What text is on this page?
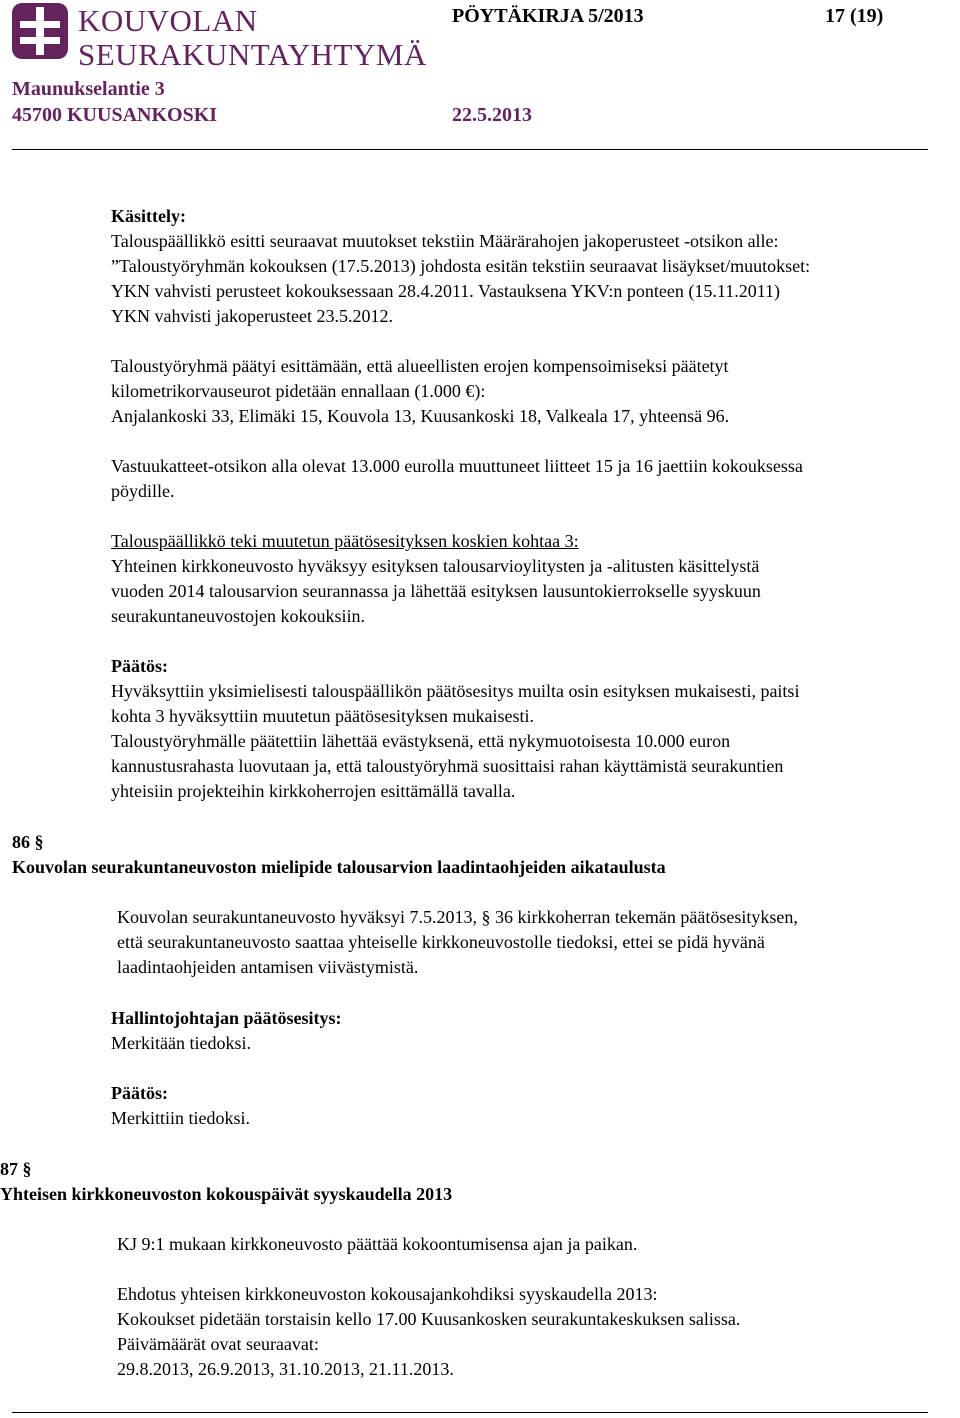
KOUVOLAN
SEURAKUNTAYHTYMÄ
PÖYTÄKIRJA 5/2013	17 (19)
Maunukselantie 3
45700 KUUSANKOSKI	22.5.2013
Käsittely:
Talouspäällikkö esitti seuraavat muutokset tekstiin Määrärahojen jakoperusteet -otsikon alle:
”Taloustyöryhmän kokouksen (17.5.2013) johdosta esitän tekstiin seuraavat lisäykset/muutokset:
YKN vahvisti perusteet kokouksessaan 28.4.2011. Vastauksena YKV:n ponteen (15.11.2011)
YKN vahvisti jakoperusteet 23.5.2012.
Taloustyöryhmä päätyi esittämään, että alueellisten erojen kompensoimiseksi päätetyt
kilometrikorvauseurot pidetään ennallaan (1.000 €):
Anjalankoski 33, Elimäki 15, Kouvola 13, Kuusankoski 18, Valkeala 17, yhteensä 96.
Vastuukatteet-otsikon alla olevat 13.000 eurolla muuttuneet liitteet 15 ja 16 jaettiin kokouksessa
pöydille.
Talouspäällikkö teki muutetun päätösesityksen koskien kohtaa 3:
Yhteinen kirkkoneuvosto hyväksyy esityksen talousarvioylitysten ja -alitusten käsittelystä
vuoden 2014 talousarvion seurannassa ja lähettää esityksen lausuntokierrokselle syyskuun
seurakuntaneuvostojen kokouksiin.
Päätös:
Hyväksyttiin yksimielisesti talouspäällikön päätösesitys muilta osin esityksen mukaisesti, paitsi
kohta 3 hyväksyttiin muutetun päätösesityksen mukaisesti.
Taloustyöryhmälle päätettiin lähettää evästyksenä, että nykymuotoisesta 10.000 euron
kannustusrahasta luovutaan ja, että taloustyöryhmä suosittaisi rahan käyttämistä seurakuntien
yhteisiin projekteihin kirkkoherrojen esittämällä tavalla.
86 §
Kouvolan seurakuntaneuvoston mielipide talousarvion laadintaohjeiden aikataulusta
Kouvolan seurakuntaneuvosto hyväksyi 7.5.2013, § 36 kirkkoherran tekemän päätösesityksen,
että seurakuntaneuvosto saattaa yhteiselle kirkkoneuvostolle tiedoksi, ettei se pidä hyvänä
laadintaohjeiden antamisen viivästymistä.
Hallintojohtajan päätösesitys:
Merkitään tiedoksi.
Päätös:
Merkittiin tiedoksi.
87 §
Yhteisen kirkkoneuvoston kokouspäivät syyskaudella 2013
KJ 9:1 mukaan kirkkoneuvosto päättää kokoontumisensa ajan ja paikan.
Ehdotus yhteisen kirkkoneuvoston kokousajankohdiksi syyskaudella 2013:
Kokoukset pidetään torstaisin kello 17.00 Kuusankosken seurakuntakeskuksen salissa.
Päivämäärät ovat seuraavat:
29.8.2013, 26.9.2013, 31.10.2013, 21.11.2013.
